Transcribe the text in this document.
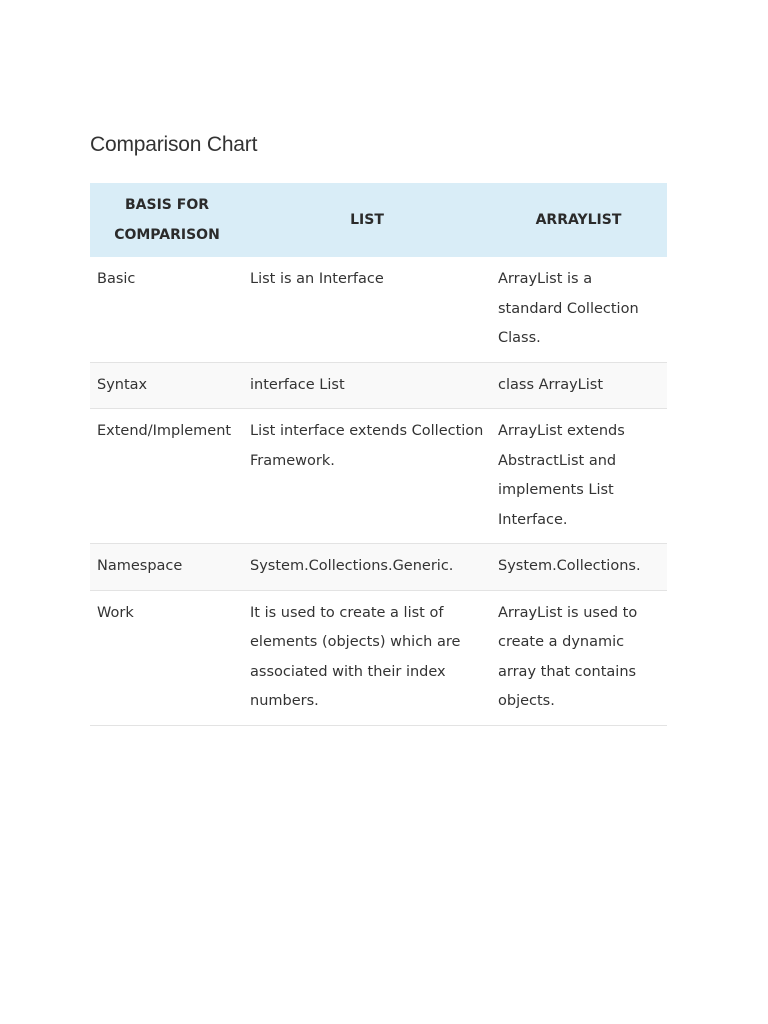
Comparison Chart
BASIS FOR COMPARISON	LIST	ARRAYLIST
Basic	List is an Interface	ArrayList is a standard Collection Class.
Syntax	interface List	class ArrayList
Extend/Implement	List interface extends Collection Framework.	ArrayList extends AbstractList and implements List Interface.
Namespace	System.Collections.Generic.	System.Collections.
Work	It is used to create a list of elements (objects) which are associated with their index numbers.	ArrayList is used to create a dynamic array that contains objects.
